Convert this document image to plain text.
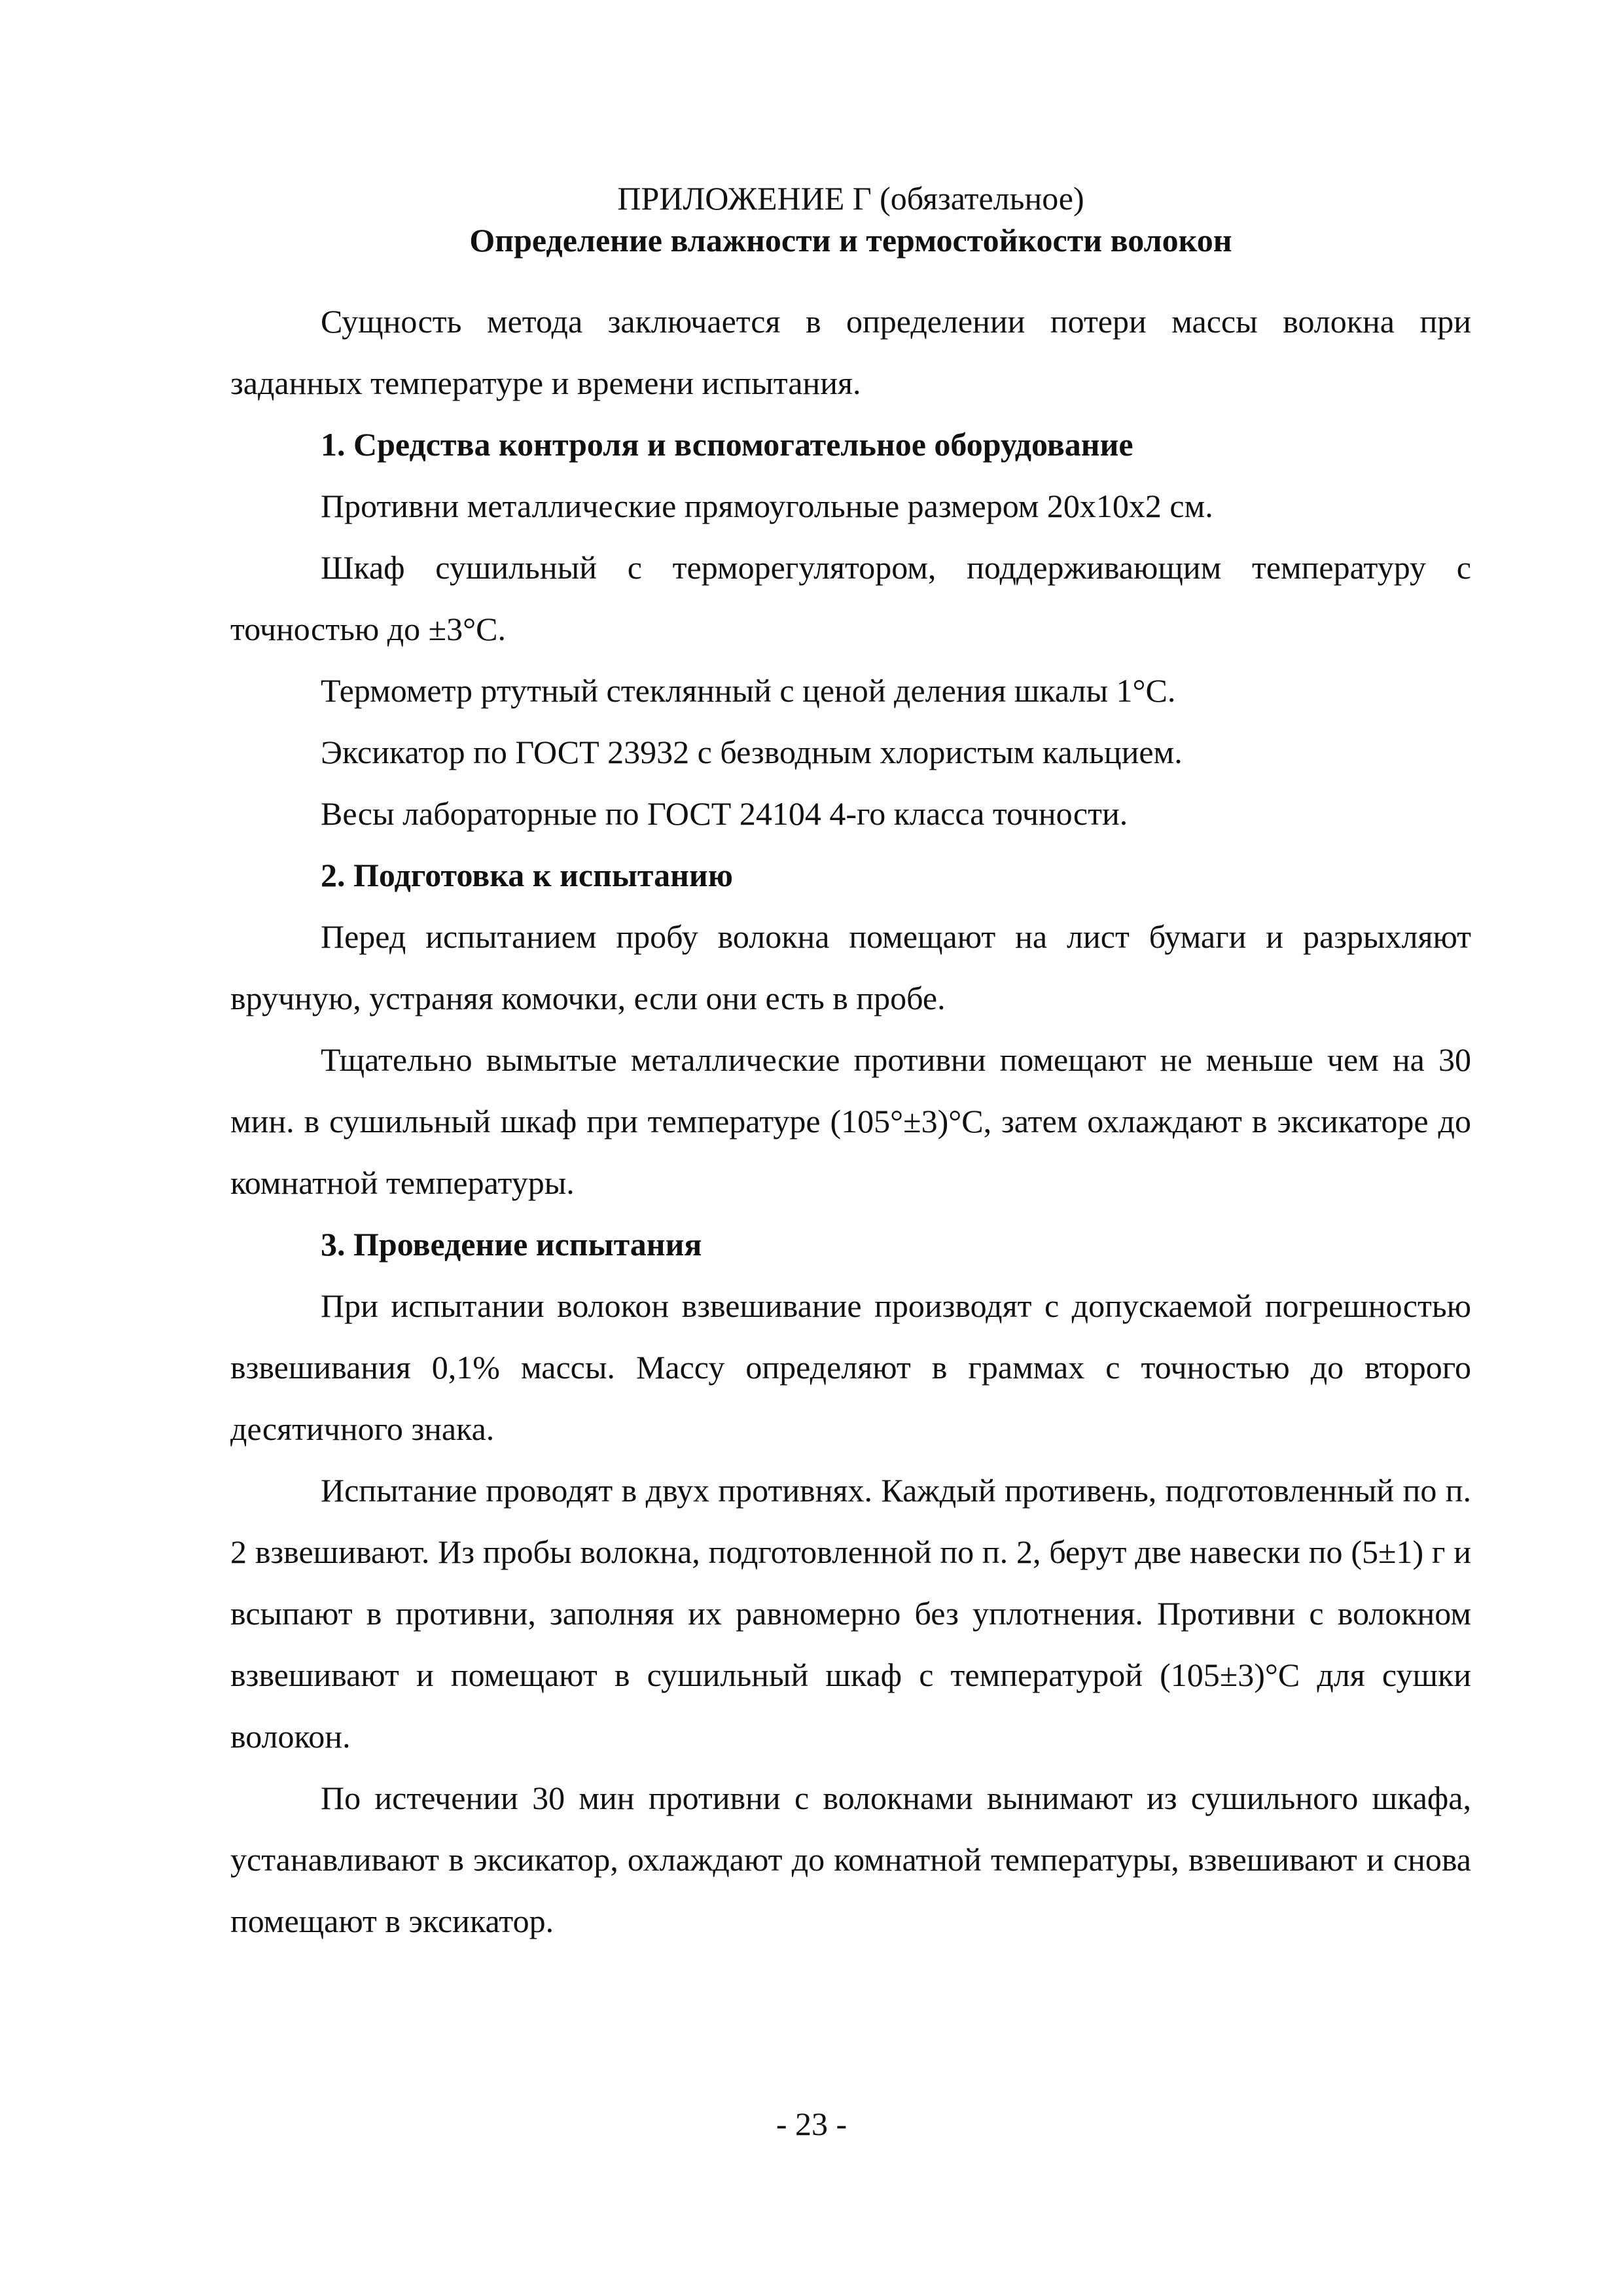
ПРИЛОЖЕНИЕ Г (обязательное)
Определение влажности и термостойкости волокон

Сущность метода заключается в определении потери массы волокна при заданных температуре и времени испытания.

1. Средства контроля и вспомогательное оборудование

Противни металлические прямоугольные размером 20х10х2 см.

Шкаф сушильный с терморегулятором, поддерживающим температуру с точностью до ±3°С.

Термометр ртутный стеклянный с ценой деления шкалы 1°С.

Эксикатор по ГОСТ 23932 с безводным хлористым кальцием.

Весы лабораторные по ГОСТ 24104 4-го класса точности.

2. Подготовка к испытанию

Перед испытанием пробу волокна помещают на лист бумаги и разрыхляют вручную, устраняя комочки, если они есть в пробе.

Тщательно вымытые металлические противни помещают не меньше чем на 30 мин. в сушильный шкаф при температуре (105°±3)°С, затем охлаждают в эксикаторе до комнатной температуры.

3. Проведение испытания

При испытании волокон взвешивание производят с допускаемой погрешностью взвешивания 0,1% массы. Массу определяют в граммах с точностью до второго десятичного знака.

Испытание проводят в двух противнях. Каждый противень, подготовленный по п. 2 взвешивают. Из пробы волокна, подготовленной по п. 2, берут две навески по (5±1) г и всыпают в противни, заполняя их равномерно без уплотнения. Противни с волокном взвешивают и помещают в сушильный шкаф с температурой (105±3)°С для сушки волокон.

По истечении 30 мин противни с волокнами вынимают из сушильного шкафа, устанавливают в эксикатор, охлаждают до комнатной температуры, взвешивают и снова помещают в эксикатор.

- 23 -
